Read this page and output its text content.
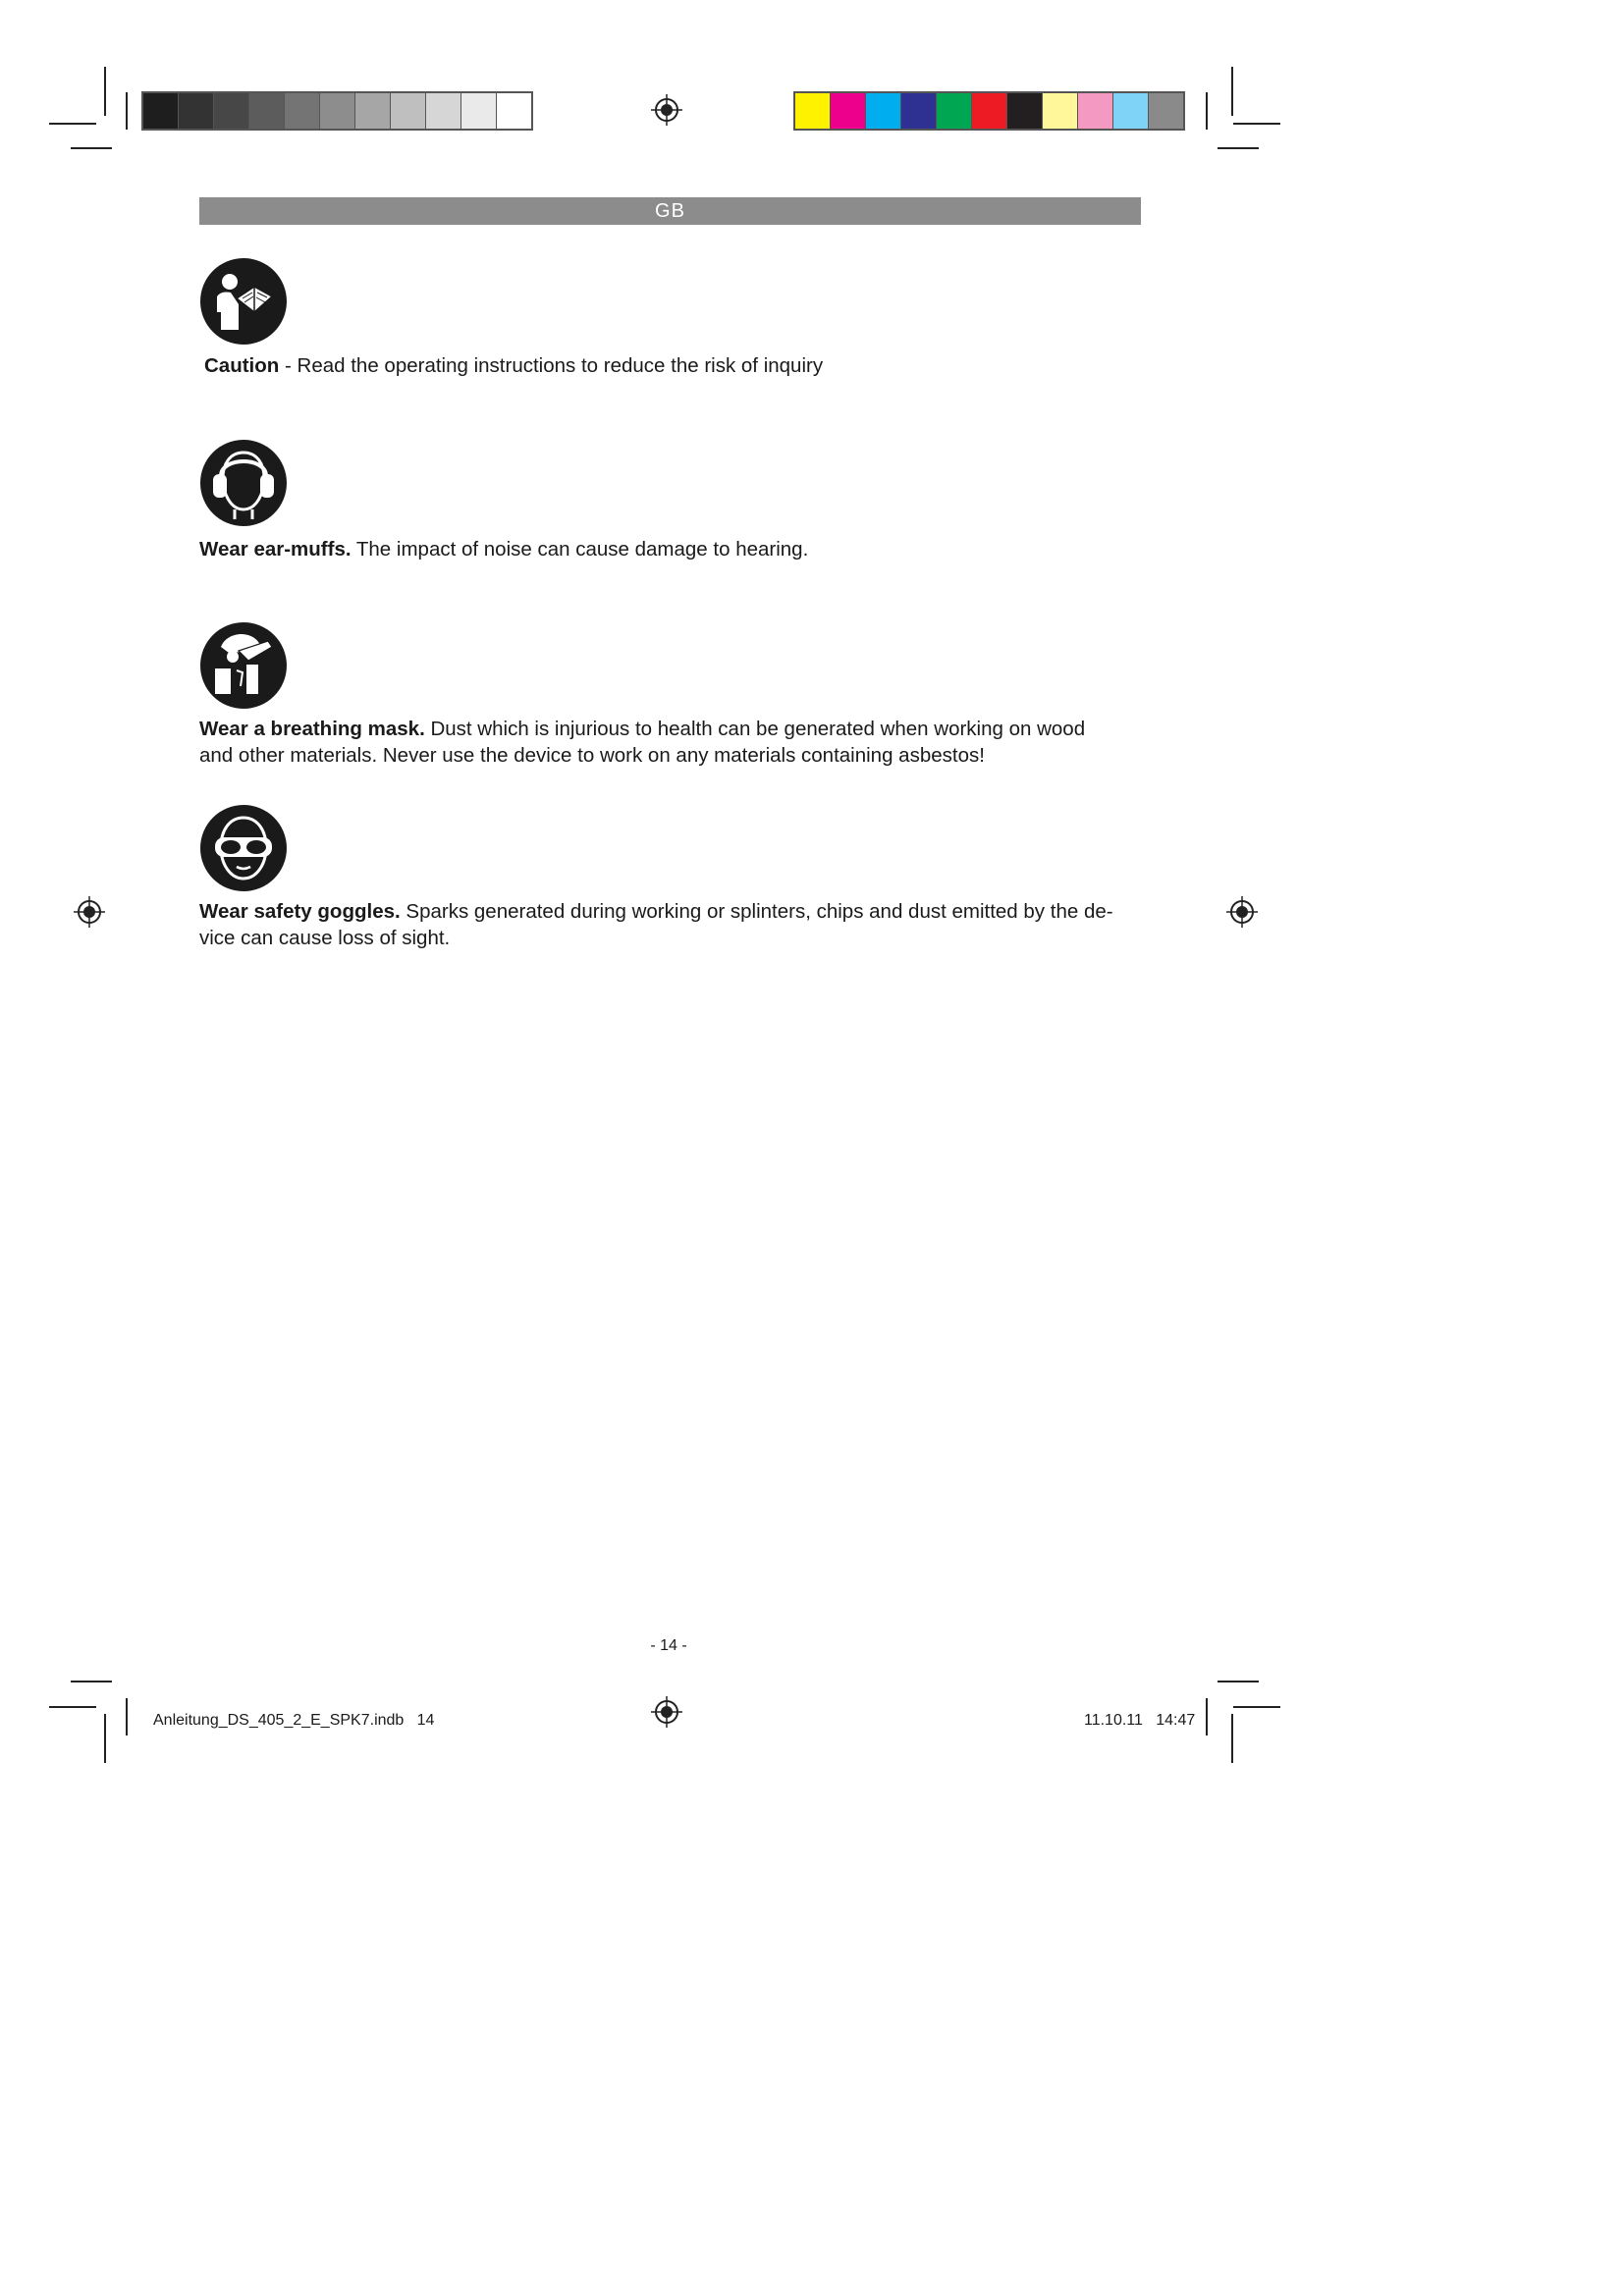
GB
Caution - Read the operating instructions to reduce the risk of inquiry
Wear ear-muffs. The impact of noise can cause damage to hearing.
Wear a breathing mask. Dust which is injurious to health can be generated when working on wood and other materials. Never use the device to work on any materials containing asbestos!
Wear safety goggles. Sparks generated during working or splinters, chips and dust emitted by the de-vice can cause loss of sight.
- 14 -
Anleitung_DS_405_2_E_SPK7.indb   14	11.10.11   14:47
